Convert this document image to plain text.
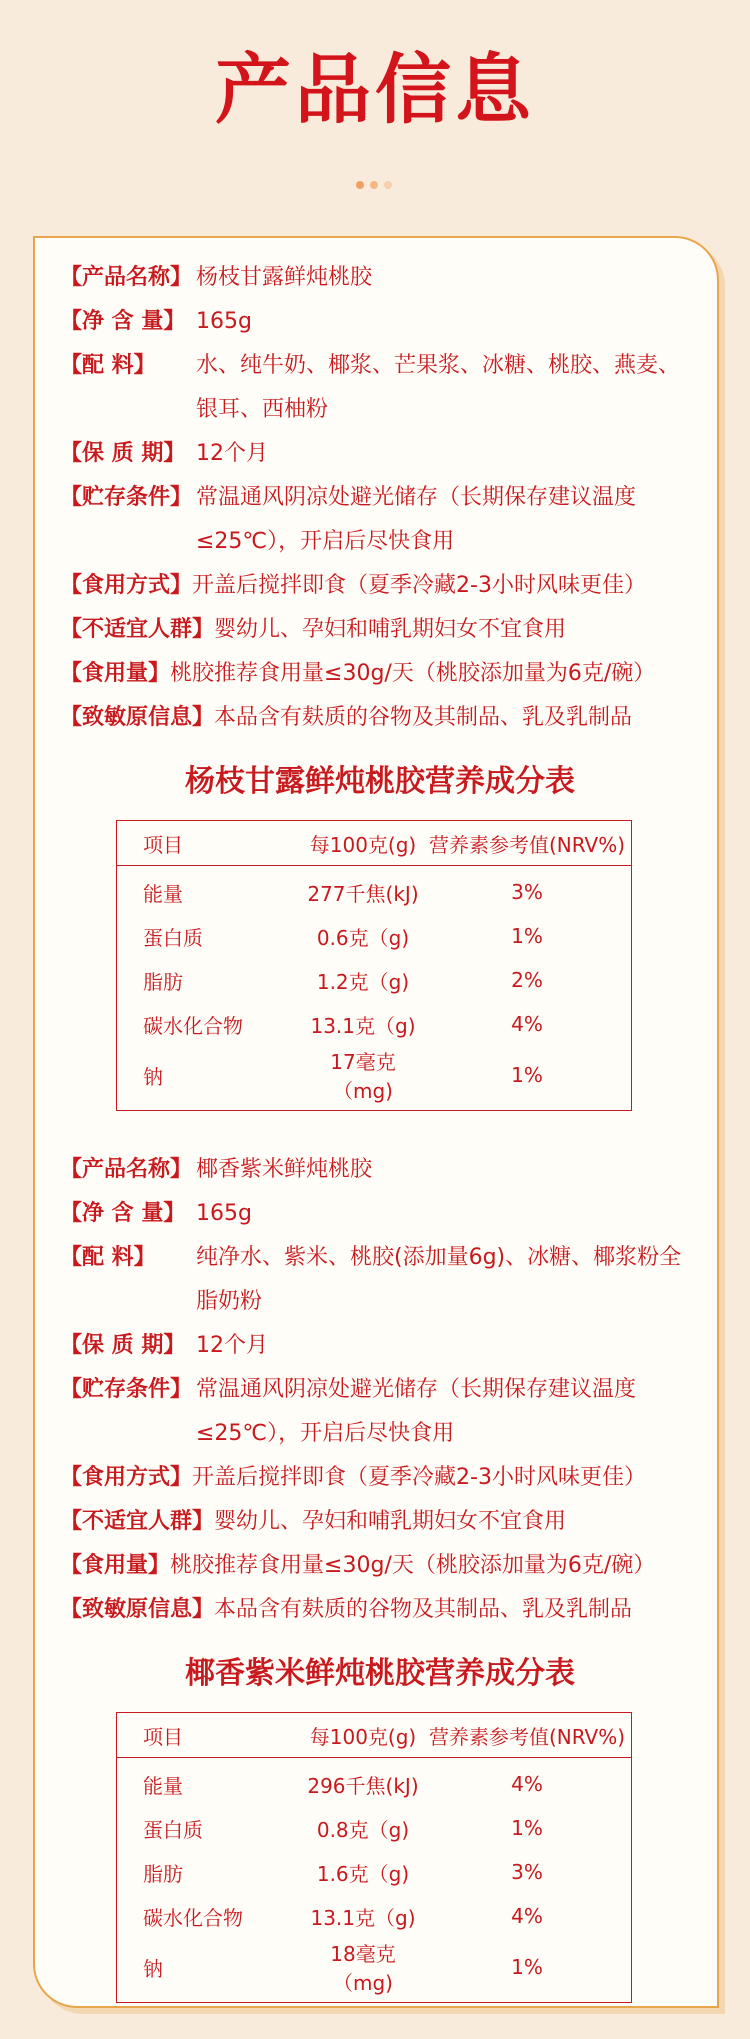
产品信息
【产品名称】 杨枝甘露鲜炖桃胶
【净 含 量】 165g
【配 料】	水、纯牛奶、椰浆、芒果浆、冰糖、桃胶、燕麦、银耳、西柚粉
【保 质 期】 12个月
【贮存条件】 常温通风阴凉处避光储存（长期保存建议温度≤25℃），开启后尽快食用
【食用方式】 开盖后搅拌即食（夏季冷藏2-3小时风味更佳）
【不适宜人群】 婴幼儿、孕妇和哺乳期妇女不宜食用
【食用量】 桃胶推荐食用量≤30g/天（桃胶添加量为6克/碗）
【致敏原信息】 本品含有麸质的谷物及其制品、乳及乳制品
杨枝甘露鲜炖桃胶营养成分表
项目	每100克(g)	营养素参考值(NRV%)
能量	277千焦(kJ)	3%
蛋白质	0.6克（g)	1%
脂肪	1.2克（g)	2%
碳水化合物	13.1克（g)	4%
钠	17毫克（mg)	1%
【产品名称】 椰香紫米鲜炖桃胶
【净 含 量】 165g
【配 料】	纯净水、紫米、桃胶(添加量6g)、冰糖、椰浆粉全脂奶粉
【保 质 期】 12个月
【贮存条件】 常温通风阴凉处避光储存（长期保存建议温度≤25℃），开启后尽快食用
【食用方式】 开盖后搅拌即食（夏季冷藏2-3小时风味更佳）
【不适宜人群】 婴幼儿、孕妇和哺乳期妇女不宜食用
【食用量】 桃胶推荐食用量≤30g/天（桃胶添加量为6克/碗）
【致敏原信息】 本品含有麸质的谷物及其制品、乳及乳制品
椰香紫米鲜炖桃胶营养成分表
项目	每100克(g)	营养素参考值(NRV%)
能量	296千焦(kJ)	4%
蛋白质	0.8克（g)	1%
脂肪	1.6克（g)	3%
碳水化合物	13.1克（g)	4%
钠	18毫克（mg)	1%
